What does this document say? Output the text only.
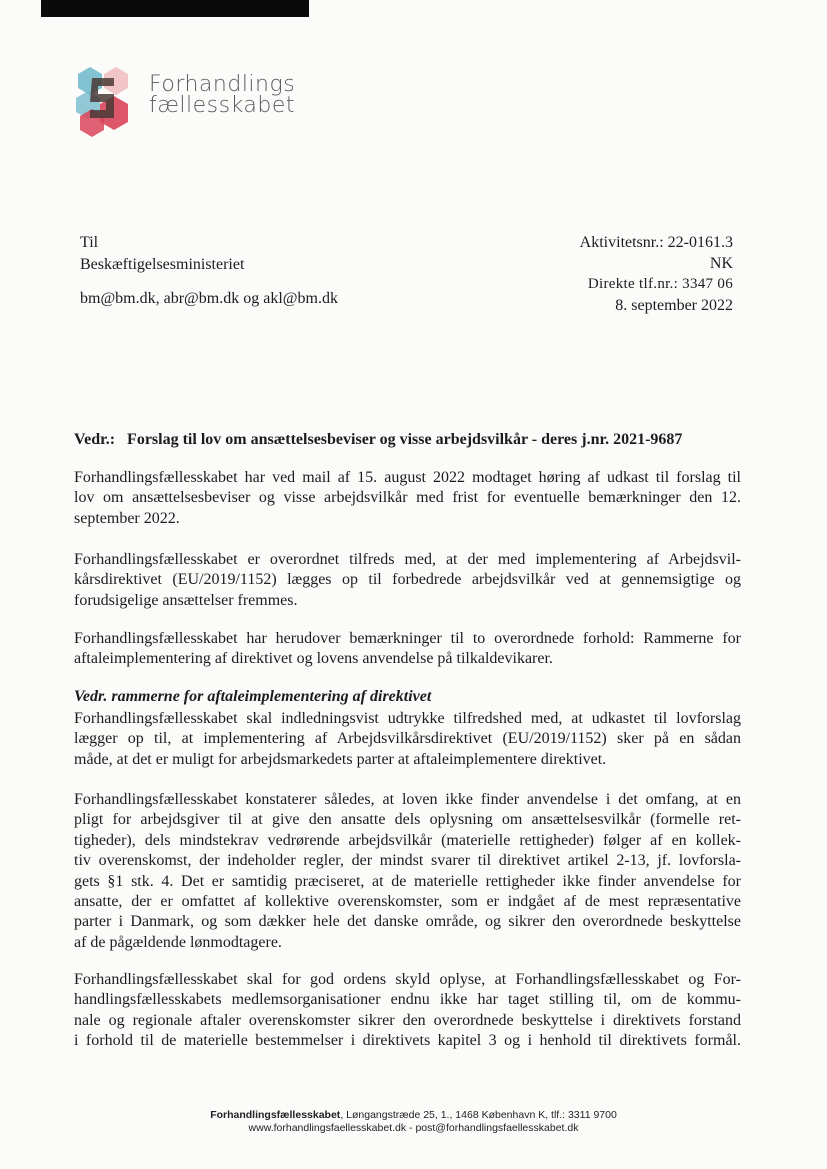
Forhandlings
fællesskabet
Til
Beskæftigelsesministeriet
bm@bm.dk, abr@bm.dk og akl@bm.dk
Aktivitetsnr.: 22-0161.3
NK
Direkte tlf.nr.: 3347 06
8. september 2022
Vedr.: Forslag til lov om ansættelsesbeviser og visse arbejdsvilkår - deres j.nr. 2021-9687
Forhandlingsfællesskabet har ved mail af 15. august 2022 modtaget høring af udkast til forslag til
lov om ansættelsesbeviser og visse arbejdsvilkår med frist for eventuelle bemærkninger den 12.
september 2022.
Forhandlingsfællesskabet er overordnet tilfreds med, at der med implementering af Arbejdsvil-
kårsdirektivet (EU/2019/1152) lægges op til forbedrede arbejdsvilkår ved at gennemsigtige og
forudsigelige ansættelser fremmes.
Forhandlingsfællesskabet har herudover bemærkninger til to overordnede forhold: Rammerne for
aftaleimplementering af direktivet og lovens anvendelse på tilkaldevikarer.
Vedr. rammerne for aftaleimplementering af direktivet
Forhandlingsfællesskabet skal indledningsvist udtrykke tilfredshed med, at udkastet til lovforslag
lægger op til, at implementering af Arbejdsvilkårsdirektivet (EU/2019/1152) sker på en sådan
måde, at det er muligt for arbejdsmarkedets parter at aftaleimplementere direktivet.
Forhandlingsfællesskabet konstaterer således, at loven ikke finder anvendelse i det omfang, at en
pligt for arbejdsgiver til at give den ansatte dels oplysning om ansættelsesvilkår (formelle ret-
tigheder), dels mindstekrav vedrørende arbejdsvilkår (materielle rettigheder) følger af en kollek-
tiv overenskomst, der indeholder regler, der mindst svarer til direktivet artikel 2-13, jf. lovforsla-
gets §1 stk. 4. Det er samtidig præciseret, at de materielle rettigheder ikke finder anvendelse for
ansatte, der er omfattet af kollektive overenskomster, som er indgået af de mest repræsentative
parter i Danmark, og som dækker hele det danske område, og sikrer den overordnede beskyttelse
af de pågældende lønmodtagere.
Forhandlingsfællesskabet skal for god ordens skyld oplyse, at Forhandlingsfællesskabet og For-
handlingsfællesskabets medlemsorganisationer endnu ikke har taget stilling til, om de kommu-
nale og regionale aftaler overenskomster sikrer den overordnede beskyttelse i direktivets forstand
i forhold til de materielle bestemmelser i direktivets kapitel 3 og i henhold til direktivets formål.
Forhandlingsfællesskabet, Løngangstræde 25, 1., 1468 København K, tlf.: 3311 9700
www.forhandlingsfaellesskabet.dk - post@forhandlingsfaellesskabet.dk
